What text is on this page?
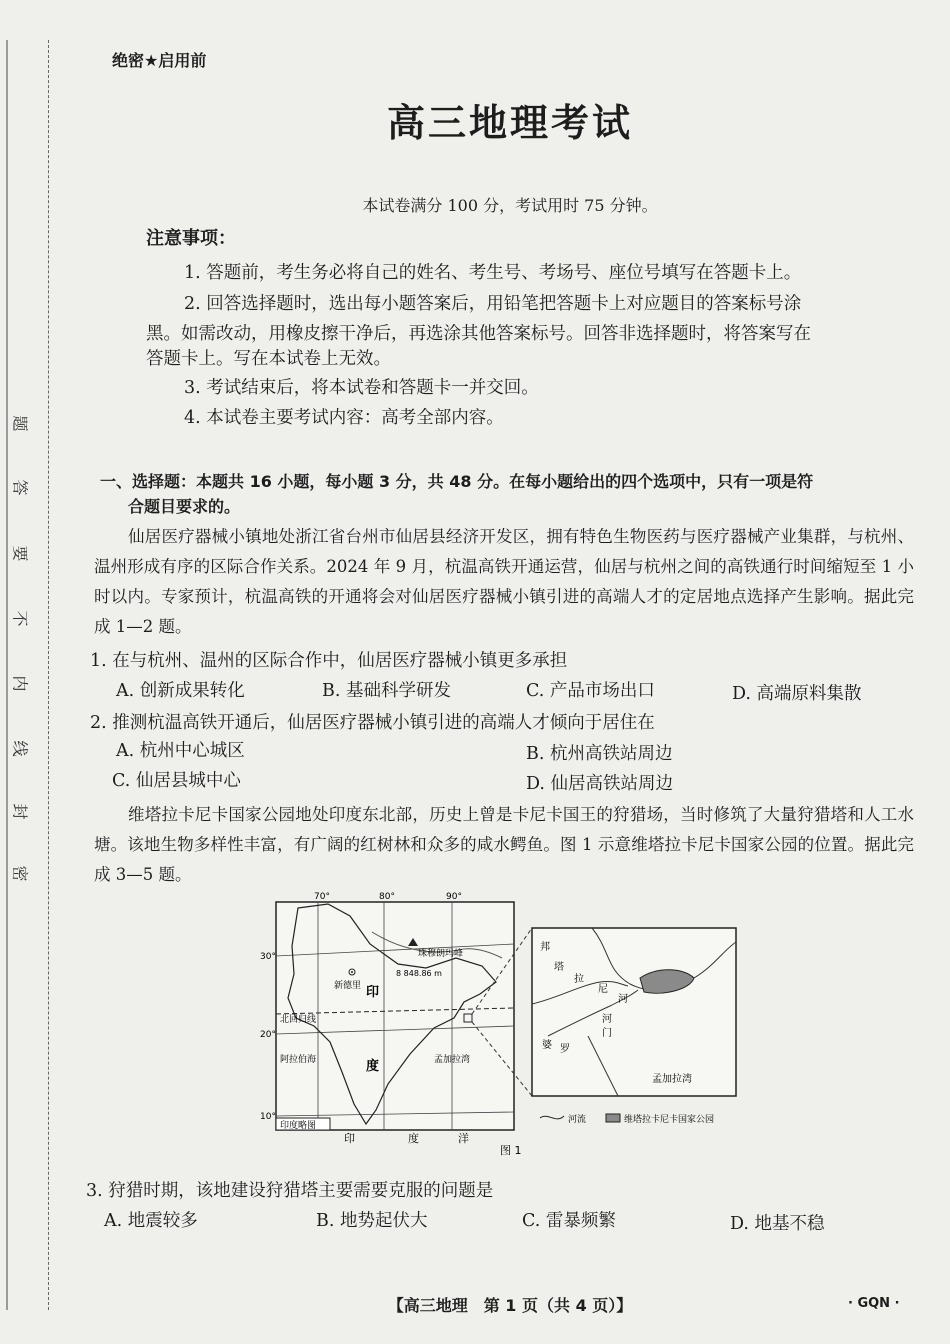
题
答
要
不
内
线
封
密
绝密★启用前
高三地理考试
本试卷满分 100 分，考试用时 75 分钟。
注意事项：
1. 答题前，考生务必将自己的姓名、考生号、考场号、座位号填写在答题卡上。
2. 回答选择题时，选出每小题答案后，用铅笔把答题卡上对应题目的答案标号涂
黑。如需改动，用橡皮擦干净后，再选涂其他答案标号。回答非选择题时，将答案写在
答题卡上。写在本试卷上无效。
3. 考试结束后，将本试卷和答题卡一并交回。
4. 本试卷主要考试内容：高考全部内容。
一、选择题：本题共 16 小题，每小题 3 分，共 48 分。在每小题给出的四个选项中，只有一项是符
合题目要求的。
仙居医疗器械小镇地处浙江省台州市仙居县经济开发区，拥有特色生物医药与医疗器械产业集群，与杭州、温州形成有序的区际合作关系。2024 年 9 月，杭温高铁开通运营，仙居与杭州之间的高铁通行时间缩短至 1 小时以内。专家预计，杭温高铁的开通将会对仙居医疗器械小镇引进的高端人才的定居地点选择产生影响。据此完成 1—2 题。
1. 在与杭州、温州的区际合作中，仙居医疗器械小镇更多承担
A. 创新成果转化	B. 基础科学研发	C. 产品市场出口	D. 高端原料集散
2. 推测杭温高铁开通后，仙居医疗器械小镇引进的高端人才倾向于居住在
A. 杭州中心城区	B. 杭州高铁站周边
C. 仙居县城中心	D. 仙居高铁站周边
维塔拉卡尼卡国家公园地处印度东北部，历史上曾是卡尼卡国王的狩猎场，当时修筑了大量狩猎塔和人工水塘。该地生物多样性丰富，有广阔的红树林和众多的咸水鳄鱼。图 1 示意维塔拉卡尼卡国家公园的位置。据此完成 3—5 题。
70°	80°	90°
30°
20°
10°
珠穆朗玛峰
8 848.86 m
新德里 印
度
北回归线
阿拉伯海	孟加拉湾
印	度	洋
印度略图
邦
塔
拉
尼
河
婆 罗
门
河
孟加拉湾
河流	维塔拉卡尼卡国家公园
图 1
3. 狩猎时期，该地建设狩猎塔主要需要克服的问题是
A. 地震较多	B. 地势起伏大	C. 雷暴频繁	D. 地基不稳
【高三地理　第 1 页（共 4 页）】	· GQN ·
